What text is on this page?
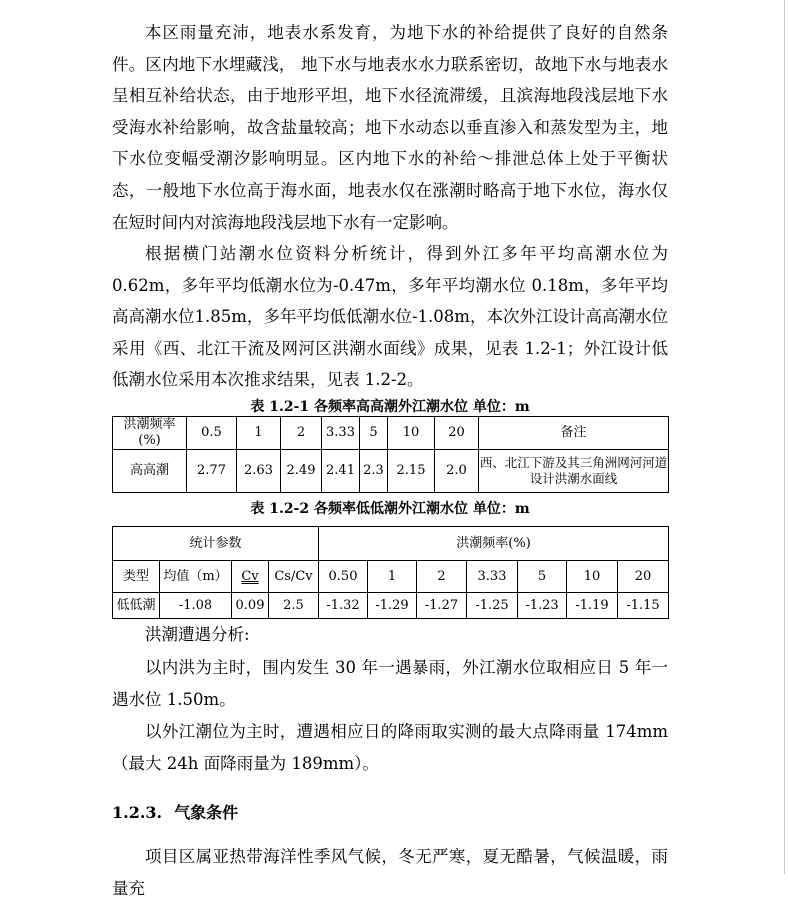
本区雨量充沛，地表水系发育，为地下水的补给提供了良好的自然条件。区内地下水埋藏浅， 地下水与地表水水力联系密切，故地下水与地表水呈相互补给状态，由于地形平坦，地下水径流滞缓，且滨海地段浅层地下水受海水补给影响，故含盐量较高；地下水动态以垂直渗入和蒸发型为主，地下水位变幅受潮汐影响明显。区内地下水的补给～排泄总体上处于平衡状态，一般地下水位高于海水面，地表水仅在涨潮时略高于地下水位，海水仅在短时间内对滨海地段浅层地下水有一定影响。

根据横门站潮水位资料分析统计，得到外江多年平均高潮水位为 0.62m，多年平均低潮水位为-0.47m，多年平均潮水位 0.18m，多年平均高高潮水位1.85m，多年平均低低潮水位-1.08m，本次外江设计高高潮水位采用《西、北江干流及网河区洪潮水面线》成果，见表 1.2-1；外江设计低低潮水位采用本次推求结果，见表 1.2-2。

表 1.2-1 各频率高高潮外江潮水位 单位：m

洪潮频率(%)	0.5	1	2	3.33	5	10	20	备注
高高潮	2.77	2.63	2.49	2.41	2.3	2.15	2.0	西、北江下游及其三角洲网河河道设计洪潮水面线

表 1.2-2 各频率低低潮外江潮水位 单位：m

统计参数				洪潮频率(%)						
类型	均值（m）	Cv	Cs/Cv	0.50	1	2	3.33	5	10	20
低低潮	-1.08	0.09	2.5	-1.32	-1.29	-1.27	-1.25	-1.23	-1.19	-1.15

洪潮遭遇分析:

以内洪为主时，围内发生 30 年一遇暴雨，外江潮水位取相应日 5 年一遇水位 1.50m。

以外江潮位为主时，遭遇相应日的降雨取实测的最大点降雨量 174mm（最大 24h 面降雨量为 189mm）。

1.2.3. 气象条件

项目区属亚热带海洋性季风气候，冬无严寒，夏无酷暑，气候温暖，雨量充
